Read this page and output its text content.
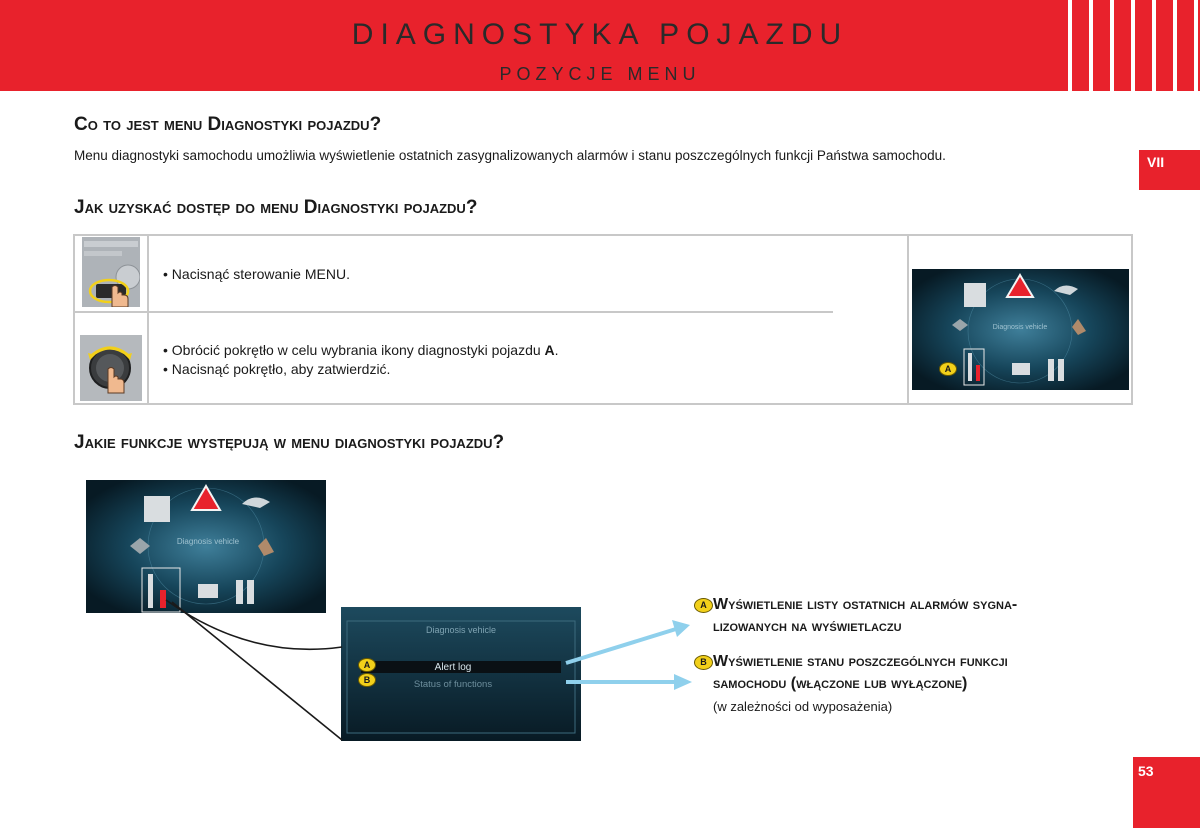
DIAGNOSTYKA POJAZDU
POZYCJE MENU
VII
53
Co to jest menu Diagnostyki pojazdu?
Menu diagnostyki samochodu umożliwia wyświetlenie ostatnich zasygnalizowanych alarmów i stanu poszczególnych funkcji Państwa samochodu.
Jak uzyskać dostęp do menu Diagnostyki pojazdu?
• Nacisnąć sterowanie MENU.
• Obrócić pokrętło w celu wybrania ikony diagnostyki pojazdu A.
• Nacisnąć pokrętło, aby zatwierdzić.
Diagnosis vehicle
A
Jakie funkcje występują w menu diagnostyki pojazdu?
Diagnosis vehicle
Diagnosis vehicle
Alert log
Status of functions
A
B
A Wyświetlenie listy ostatnich alarmów sygna-
lizowanych na wyświetlaczu
B Wyświetlenie stanu poszczególnych funkcji
samochodu (włączone lub wyłączone)
(w zależności od wyposażenia)
